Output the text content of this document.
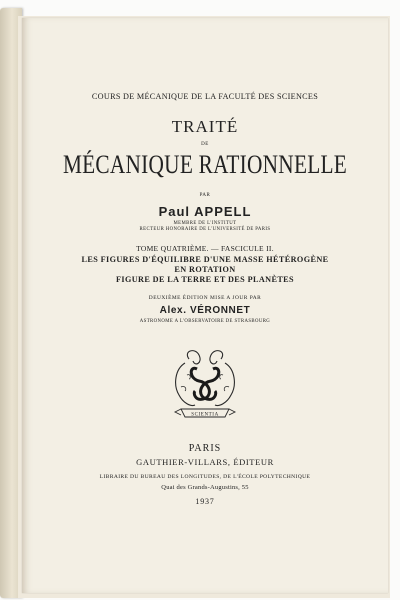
COURS DE MÉCANIQUE DE LA FACULTÉ DES SCIENCES
TRAITÉ
DE
MÉCANIQUE RATIONNELLE
PAR
Paul APPELL
MEMBRE DE L'INSTITUT
RECTEUR HONORAIRE DE L'UNIVERSITÉ DE PARIS
TOME QUATRIÈME. — FASCICULE II.
LES FIGURES D'ÉQUILIBRE D'UNE MASSE HÉTÉROGÈNE
EN ROTATION
FIGURE DE LA TERRE ET DES PLANÈTES
DEUXIÈME ÉDITION MISE A JOUR PAR
Alex. VÉRONNET
ASTRONOME A L'OBSERVATOIRE DE STRASBOURG
SCIENTIA
PARIS
GAUTHIER-VILLARS, ÉDITEUR
LIBRAIRE DU BUREAU DES LONGITUDES, DE L'ÉCOLE POLYTECHNIQUE
Quai des Grands-Augustins, 55
1937
